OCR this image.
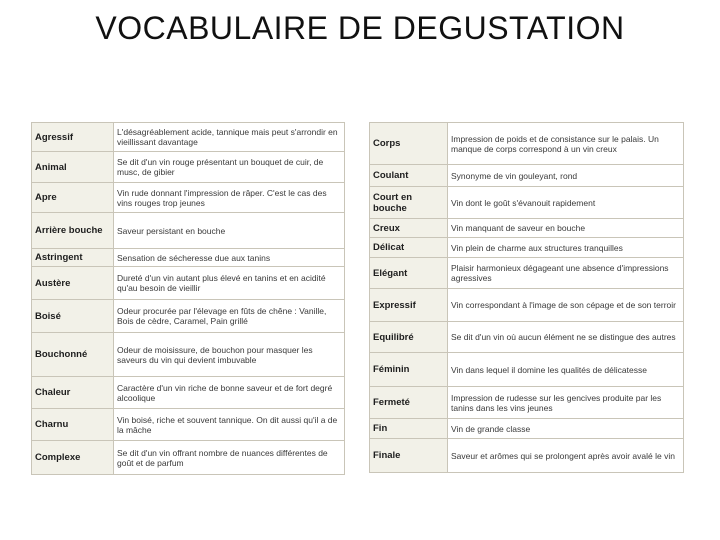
VOCABULAIRE DE DEGUSTATION
Agressif	L'désagréablement acide, tannique mais peut s'arrondir en vieillissant davantage
Animal	Se dit d'un vin rouge présentant un bouquet de cuir, de musc, de gibier
Apre	Vin rude donnant l'impression de râper. C'est le cas des vins rouges trop jeunes
Arrière bouche	Saveur persistant en bouche
Astringent	Sensation de sécheresse due aux tanins
Austère	Dureté d'un vin autant plus élevé en tanins et en acidité qu'au besoin de vieillir
Boisé	Odeur procurée par l'élevage en fûts de chêne : Vanille, Bois de cèdre, Caramel, Pain grillé
Bouchonné	Odeur de moisissure, de bouchon pour masquer les saveurs du vin qui devient imbuvable
Chaleur	Caractère d'un vin riche de bonne saveur et de fort degré alcoolique
Charnu	Vin boisé, riche et souvent tannique. On dit aussi qu'il a de la mâche
Complexe	Se dit d'un vin offrant nombre de nuances différentes de goût et de parfum
Corps	Impression de poids et de consistance sur le palais. Un manque de corps correspond à un vin creux
Coulant	Synonyme de vin gouleyant, rond
Court en bouche	Vin dont le goût s'évanouit rapidement
Creux	Vin manquant de saveur en bouche
Délicat	Vin plein de charme aux structures tranquilles
Elégant	Plaisir harmonieux dégageant une absence d'impressions agressives
Expressif	Vin correspondant à l'image de son cépage et de son terroir
Equilibré	Se dit d'un vin où aucun élément ne se distingue des autres
Féminin	Vin dans lequel il domine les qualités de délicatesse
Fermeté	Impression de rudesse sur les gencives produite par les tanins dans les vins jeunes
Fin	Vin de grande classe
Finale	Saveur et arômes qui se prolongent après avoir avalé le vin
